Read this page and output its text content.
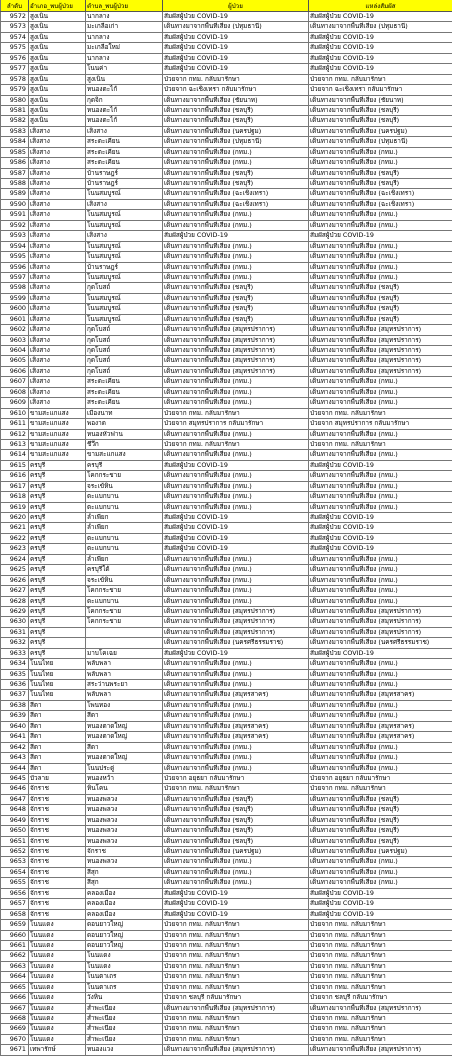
ลำดับ	อำเภอ_พบผู้ป่วย	ตำบล_พบผู้ป่วย	ผู้ป่วย	แหล่งสัมผัส
9572	สูงเนิน	นากลาง	สัมผัสผู้ป่วย COVID-19	สัมผัสผู้ป่วย COVID-19
9573	สูงเนิน	มะเกลือเก่า	เดินทางมาจากพื้นที่เสี่ยง (ปทุมธานี)	เดินทางมาจากพื้นที่เสี่ยง (ปทุมธานี)
9574	สูงเนิน	นากลาง	สัมผัสผู้ป่วย COVID-19	สัมผัสผู้ป่วย COVID-19
9575	สูงเนิน	มะเกลือใหม่	สัมผัสผู้ป่วย COVID-19	สัมผัสผู้ป่วย COVID-19
9576	สูงเนิน	นากลาง	สัมผัสผู้ป่วย COVID-19	สัมผัสผู้ป่วย COVID-19
9577	สูงเนิน	โนนค่า	สัมผัสผู้ป่วย COVID-19	สัมผัสผู้ป่วย COVID-19
9578	สูงเนิน	สูงเนิน	ป่วยจาก กทม. กลับมารักษา	ป่วยจาก กทม. กลับมารักษา
9579	สูงเนิน	หนองตะไก้	ป่วยจาก ฉะเชิงเทรา กลับมารักษา	ป่วยจาก ฉะเชิงเทรา กลับมารักษา
9580	สูงเนิน	กุดจิก	เดินทางมาจากพื้นที่เสี่ยง (ชัยนาท)	เดินทางมาจากพื้นที่เสี่ยง (ชัยนาท)
9581	สูงเนิน	หนองตะไก้	เดินทางมาจากพื้นที่เสี่ยง (ชลบุรี)	เดินทางมาจากพื้นที่เสี่ยง (ชลบุรี)
9582	สูงเนิน	หนองตะไก้	เดินทางมาจากพื้นที่เสี่ยง (ชลบุรี)	เดินทางมาจากพื้นที่เสี่ยง (ชลบุรี)
9583	เสิงสาง	เสิงสาง	เดินทางมาจากพื้นที่เสี่ยง (นครปฐม)	เดินทางมาจากพื้นที่เสี่ยง (นครปฐม)
9584	เสิงสาง	สระตะเคียน	เดินทางมาจากพื้นที่เสี่ยง (ปทุมธานี)	เดินทางมาจากพื้นที่เสี่ยง (ปทุมธานี)
9585	เสิงสาง	สระตะเคียน	เดินทางมาจากพื้นที่เสี่ยง (กทม.)	เดินทางมาจากพื้นที่เสี่ยง (กทม.)
9586	เสิงสาง	สระตะเคียน	เดินทางมาจากพื้นที่เสี่ยง (กทม.)	เดินทางมาจากพื้นที่เสี่ยง (กทม.)
9587	เสิงสาง	บ้านราษฎร์	เดินทางมาจากพื้นที่เสี่ยง (ชลบุรี)	เดินทางมาจากพื้นที่เสี่ยง (ชลบุรี)
9588	เสิงสาง	บ้านราษฎร์	เดินทางมาจากพื้นที่เสี่ยง (ชลบุรี)	เดินทางมาจากพื้นที่เสี่ยง (ชลบุรี)
9589	เสิงสาง	โนนสมบูรณ์	เดินทางมาจากพื้นที่เสี่ยง (ฉะเชิงเทรา)	เดินทางมาจากพื้นที่เสี่ยง (ฉะเชิงเทรา)
9590	เสิงสาง	เสิงสาง	เดินทางมาจากพื้นที่เสี่ยง (ฉะเชิงเทรา)	เดินทางมาจากพื้นที่เสี่ยง (ฉะเชิงเทรา)
9591	เสิงสาง	โนนสมบูรณ์	เดินทางมาจากพื้นที่เสี่ยง (กทม.)	เดินทางมาจากพื้นที่เสี่ยง (กทม.)
9592	เสิงสาง	โนนสมบูรณ์	เดินทางมาจากพื้นที่เสี่ยง (กทม.)	เดินทางมาจากพื้นที่เสี่ยง (กทม.)
9593	เสิงสาง	เสิงสาง	สัมผัสผู้ป่วย COVID-19	สัมผัสผู้ป่วย COVID-19
9594	เสิงสาง	โนนสมบูรณ์	เดินทางมาจากพื้นที่เสี่ยง (กทม.)	เดินทางมาจากพื้นที่เสี่ยง (กทม.)
9595	เสิงสาง	โนนสมบูรณ์	เดินทางมาจากพื้นที่เสี่ยง (กทม.)	เดินทางมาจากพื้นที่เสี่ยง (กทม.)
9596	เสิงสาง	บ้านราษฎร์	เดินทางมาจากพื้นที่เสี่ยง (กทม.)	เดินทางมาจากพื้นที่เสี่ยง (กทม.)
9597	เสิงสาง	โนนสมบูรณ์	เดินทางมาจากพื้นที่เสี่ยง (กทม.)	เดินทางมาจากพื้นที่เสี่ยง (กทม.)
9598	เสิงสาง	กุดโบสถ์	เดินทางมาจากพื้นที่เสี่ยง (ชลบุรี)	เดินทางมาจากพื้นที่เสี่ยง (ชลบุรี)
9599	เสิงสาง	โนนสมบูรณ์	เดินทางมาจากพื้นที่เสี่ยง (ชลบุรี)	เดินทางมาจากพื้นที่เสี่ยง (ชลบุรี)
9600	เสิงสาง	โนนสมบูรณ์	เดินทางมาจากพื้นที่เสี่ยง (ชลบุรี)	เดินทางมาจากพื้นที่เสี่ยง (ชลบุรี)
9601	เสิงสาง	โนนสมบูรณ์	เดินทางมาจากพื้นที่เสี่ยง (ชลบุรี)	เดินทางมาจากพื้นที่เสี่ยง (ชลบุรี)
9602	เสิงสาง	กุดโบสถ์	เดินทางมาจากพื้นที่เสี่ยง (สมุทรปราการ)	เดินทางมาจากพื้นที่เสี่ยง (สมุทรปราการ)
9603	เสิงสาง	กุดโบสถ์	เดินทางมาจากพื้นที่เสี่ยง (สมุทรปราการ)	เดินทางมาจากพื้นที่เสี่ยง (สมุทรปราการ)
9604	เสิงสาง	กุดโบสถ์	เดินทางมาจากพื้นที่เสี่ยง (สมุทรปราการ)	เดินทางมาจากพื้นที่เสี่ยง (สมุทรปราการ)
9605	เสิงสาง	กุดโบสถ์	เดินทางมาจากพื้นที่เสี่ยง (สมุทรปราการ)	เดินทางมาจากพื้นที่เสี่ยง (สมุทรปราการ)
9606	เสิงสาง	กุดโบสถ์	เดินทางมาจากพื้นที่เสี่ยง (สมุทรปราการ)	เดินทางมาจากพื้นที่เสี่ยง (สมุทรปราการ)
9607	เสิงสาง	สระตะเคียน	เดินทางมาจากพื้นที่เสี่ยง (กทม.)	เดินทางมาจากพื้นที่เสี่ยง (กทม.)
9608	เสิงสาง	สระตะเคียน	เดินทางมาจากพื้นที่เสี่ยง (กทม.)	เดินทางมาจากพื้นที่เสี่ยง (กทม.)
9609	เสิงสาง	สระตะเคียน	เดินทางมาจากพื้นที่เสี่ยง (กทม.)	เดินทางมาจากพื้นที่เสี่ยง (กทม.)
9610	ขามสะแกแสง	เมืองนาท	ป่วยจาก กทม. กลับมารักษา	ป่วยจาก กทม. กลับมารักษา
9611	ขามสะแกแสง	พองาด	ป่วยจาก สมุทรปราการ กลับมารักษา	ป่วยจาก สมุทรปราการ กลับมารักษา
9612	ขามสะแกแสง	หนองหัวฟาน	เดินทางมาจากพื้นที่เสี่ยง (กทม.)	เดินทางมาจากพื้นที่เสี่ยง (กทม.)
9613	ขามสะแกแสง	ชีวึก	ป่วยจาก กทม. กลับมารักษา	ป่วยจาก กทม. กลับมารักษา
9614	ขามสะแกแสง	ขามสะแกแสง	เดินทางมาจากพื้นที่เสี่ยง (กทม.)	เดินทางมาจากพื้นที่เสี่ยง (กทม.)
9615	ครบุรี	ครบุรี	สัมผัสผู้ป่วย COVID-19	สัมผัสผู้ป่วย COVID-19
9616	ครบุรี	โคกกระชาย	เดินทางมาจากพื้นที่เสี่ยง (กทม.)	เดินทางมาจากพื้นที่เสี่ยง (กทม.)
9617	ครบุรี	จระเข้หิน	เดินทางมาจากพื้นที่เสี่ยง (กทม.)	เดินทางมาจากพื้นที่เสี่ยง (กทม.)
9618	ครบุรี	ตะแบกบาน	เดินทางมาจากพื้นที่เสี่ยง (กทม.)	เดินทางมาจากพื้นที่เสี่ยง (กทม.)
9619	ครบุรี	ตะแบกบาน	เดินทางมาจากพื้นที่เสี่ยง (กทม.)	เดินทางมาจากพื้นที่เสี่ยง (กทม.)
9620	ครบุรี	ลำเพียก	สัมผัสผู้ป่วย COVID-19	สัมผัสผู้ป่วย COVID-19
9621	ครบุรี	ลำเพียก	สัมผัสผู้ป่วย COVID-19	สัมผัสผู้ป่วย COVID-19
9622	ครบุรี	ตะแบกบาน	สัมผัสผู้ป่วย COVID-19	สัมผัสผู้ป่วย COVID-19
9623	ครบุรี	ตะแบกบาน	สัมผัสผู้ป่วย COVID-19	สัมผัสผู้ป่วย COVID-19
9624	ครบุรี	ลำเพียก	เดินทางมาจากพื้นที่เสี่ยง (กทม.)	เดินทางมาจากพื้นที่เสี่ยง (กทม.)
9625	ครบุรี	ครบุรีใต้	เดินทางมาจากพื้นที่เสี่ยง (กทม.)	เดินทางมาจากพื้นที่เสี่ยง (กทม.)
9626	ครบุรี	จระเข้หิน	เดินทางมาจากพื้นที่เสี่ยง (กทม.)	เดินทางมาจากพื้นที่เสี่ยง (กทม.)
9627	ครบุรี	โคกกระชาย	เดินทางมาจากพื้นที่เสี่ยง (กทม.)	เดินทางมาจากพื้นที่เสี่ยง (กทม.)
9628	ครบุรี	ตะแบกบาน	เดินทางมาจากพื้นที่เสี่ยง (กทม.)	เดินทางมาจากพื้นที่เสี่ยง (กทม.)
9629	ครบุรี	โคกกระชาย	เดินทางมาจากพื้นที่เสี่ยง (สมุทรปราการ)	เดินทางมาจากพื้นที่เสี่ยง (สมุทรปราการ)
9630	ครบุรี	โคกกระชาย	เดินทางมาจากพื้นที่เสี่ยง (สมุทรปราการ)	เดินทางมาจากพื้นที่เสี่ยง (สมุทรปราการ)
9631	ครบุรี		เดินทางมาจากพื้นที่เสี่ยง (สมุทรปราการ)	เดินทางมาจากพื้นที่เสี่ยง (สมุทรปราการ)
9632	ครบุรี		เดินทางมาจากพื้นที่เสี่ยง (นครศรีธรรมราช)	เดินทางมาจากพื้นที่เสี่ยง (นครศรีธรรมราช)
9633	ครบุรี	มาบโคเฉย	สัมผัสผู้ป่วย COVID-19	สัมผัสผู้ป่วย COVID-19
9634	โนนไทย	พลับพลา	เดินทางมาจากพื้นที่เสี่ยง (กทม.)	เดินทางมาจากพื้นที่เสี่ยง (กทม.)
9635	โนนไทย	พลับพลา	เดินทางมาจากพื้นที่เสี่ยง (กทม.)	เดินทางมาจากพื้นที่เสี่ยง (กทม.)
9636	โนนไทย	สระว่านพระยา	เดินทางมาจากพื้นที่เสี่ยง (กทม.)	เดินทางมาจากพื้นที่เสี่ยง (กทม.)
9637	โนนไทย	พลับพลา	เดินทางมาจากพื้นที่เสี่ยง (สมุทรสาคร)	เดินทางมาจากพื้นที่เสี่ยง (สมุทรสาคร)
9638	สีดา	โพนทอง	เดินทางมาจากพื้นที่เสี่ยง (กทม.)	เดินทางมาจากพื้นที่เสี่ยง (กทม.)
9639	สีดา	สีดา	เดินทางมาจากพื้นที่เสี่ยง (กทม.)	เดินทางมาจากพื้นที่เสี่ยง (กทม.)
9640	สีดา	หนองตาดใหญ่	เดินทางมาจากพื้นที่เสี่ยง (สมุทรสาคร)	เดินทางมาจากพื้นที่เสี่ยง (สมุทรสาคร)
9641	สีดา	หนองตาดใหญ่	เดินทางมาจากพื้นที่เสี่ยง (สมุทรสาคร)	เดินทางมาจากพื้นที่เสี่ยง (สมุทรสาคร)
9642	สีดา	สีดา	เดินทางมาจากพื้นที่เสี่ยง (กทม.)	เดินทางมาจากพื้นที่เสี่ยง (กทม.)
9643	สีดา	หนองตาดใหญ่	เดินทางมาจากพื้นที่เสี่ยง (กทม.)	เดินทางมาจากพื้นที่เสี่ยง (กทม.)
9644	สีดา	โนนประดู่	เดินทางมาจากพื้นที่เสี่ยง (กทม.)	เดินทางมาจากพื้นที่เสี่ยง (กทม.)
9645	บัวลาย	หนองหว้า	ป่วยจาก อยุธยา กลับมารักษา	ป่วยจาก อยุธยา กลับมารักษา
9646	จักราช	หินโคน	ป่วยจาก กทม. กลับมารักษา	ป่วยจาก กทม. กลับมารักษา
9647	จักราช	หนองพลวง	เดินทางมาจากพื้นที่เสี่ยง (ชลบุรี)	เดินทางมาจากพื้นที่เสี่ยง (ชลบุรี)
9648	จักราช	หนองพลวง	เดินทางมาจากพื้นที่เสี่ยง (ชลบุรี)	เดินทางมาจากพื้นที่เสี่ยง (ชลบุรี)
9649	จักราช	หนองพลวง	เดินทางมาจากพื้นที่เสี่ยง (ชลบุรี)	เดินทางมาจากพื้นที่เสี่ยง (ชลบุรี)
9650	จักราช	หนองพลวง	เดินทางมาจากพื้นที่เสี่ยง (ชลบุรี)	เดินทางมาจากพื้นที่เสี่ยง (ชลบุรี)
9651	จักราช	หนองพลวง	เดินทางมาจากพื้นที่เสี่ยง (ชลบุรี)	เดินทางมาจากพื้นที่เสี่ยง (ชลบุรี)
9652	จักราช	จักราช	เดินทางมาจากพื้นที่เสี่ยง (นครปฐม)	เดินทางมาจากพื้นที่เสี่ยง (นครปฐม)
9653	จักราช	หนองพลวง	เดินทางมาจากพื้นที่เสี่ยง (กทม.)	เดินทางมาจากพื้นที่เสี่ยง (กทม.)
9654	จักราช	สีสุก	เดินทางมาจากพื้นที่เสี่ยง (กทม.)	เดินทางมาจากพื้นที่เสี่ยง (กทม.)
9655	จักราช	สีสุก	เดินทางมาจากพื้นที่เสี่ยง (กทม.)	เดินทางมาจากพื้นที่เสี่ยง (กทม.)
9656	จักราช	คลองเมือง	สัมผัสผู้ป่วย COVID-19	สัมผัสผู้ป่วย COVID-19
9657	จักราช	คลองเมือง	สัมผัสผู้ป่วย COVID-19	สัมผัสผู้ป่วย COVID-19
9658	จักราช	คลองเมือง	สัมผัสผู้ป่วย COVID-19	สัมผัสผู้ป่วย COVID-19
9659	โนนแดง	ดอนยาวใหญ่	ป่วยจาก กทม. กลับมารักษา	ป่วยจาก กทม. กลับมารักษา
9660	โนนแดง	ดอนยาวใหญ่	ป่วยจาก กทม. กลับมารักษา	ป่วยจาก กทม. กลับมารักษา
9661	โนนแดง	ดอนยาวใหญ่	ป่วยจาก กทม. กลับมารักษา	ป่วยจาก กทม. กลับมารักษา
9662	โนนแดง	โนนแดง	ป่วยจาก กทม. กลับมารักษา	ป่วยจาก กทม. กลับมารักษา
9663	โนนแดง	โนนแดง	ป่วยจาก กทม. กลับมารักษา	ป่วยจาก กทม. กลับมารักษา
9664	โนนแดง	โนนตาเถร	ป่วยจาก กทม. กลับมารักษา	ป่วยจาก กทม. กลับมารักษา
9665	โนนแดง	โนนตาเถร	ป่วยจาก กทม. กลับมารักษา	ป่วยจาก กทม. กลับมารักษา
9666	โนนแดง	วังหิน	ป่วยจาก ชลบุรี กลับมารักษา	ป่วยจาก ชลบุรี กลับมารักษา
9667	โนนแดง	สำพะเนียง	เดินทางมาจากพื้นที่เสี่ยง (สมุทรปราการ)	เดินทางมาจากพื้นที่เสี่ยง (สมุทรปราการ)
9668	โนนแดง	สำพะเนียง	ป่วยจาก กทม. กลับมารักษา	ป่วยจาก กทม. กลับมารักษา
9669	โนนแดง	สำพะเนียง	ป่วยจาก กทม. กลับมารักษา	ป่วยจาก กทม. กลับมารักษา
9670	โนนแดง	สำพะเนียง	ป่วยจาก กทม. กลับมารักษา	ป่วยจาก กทม. กลับมารักษา
9671	เทพารักษ์	หนองแวง	เดินทางมาจากพื้นที่เสี่ยง (สมุทรปราการ)	เดินทางมาจากพื้นที่เสี่ยง (สมุทรปราการ)
